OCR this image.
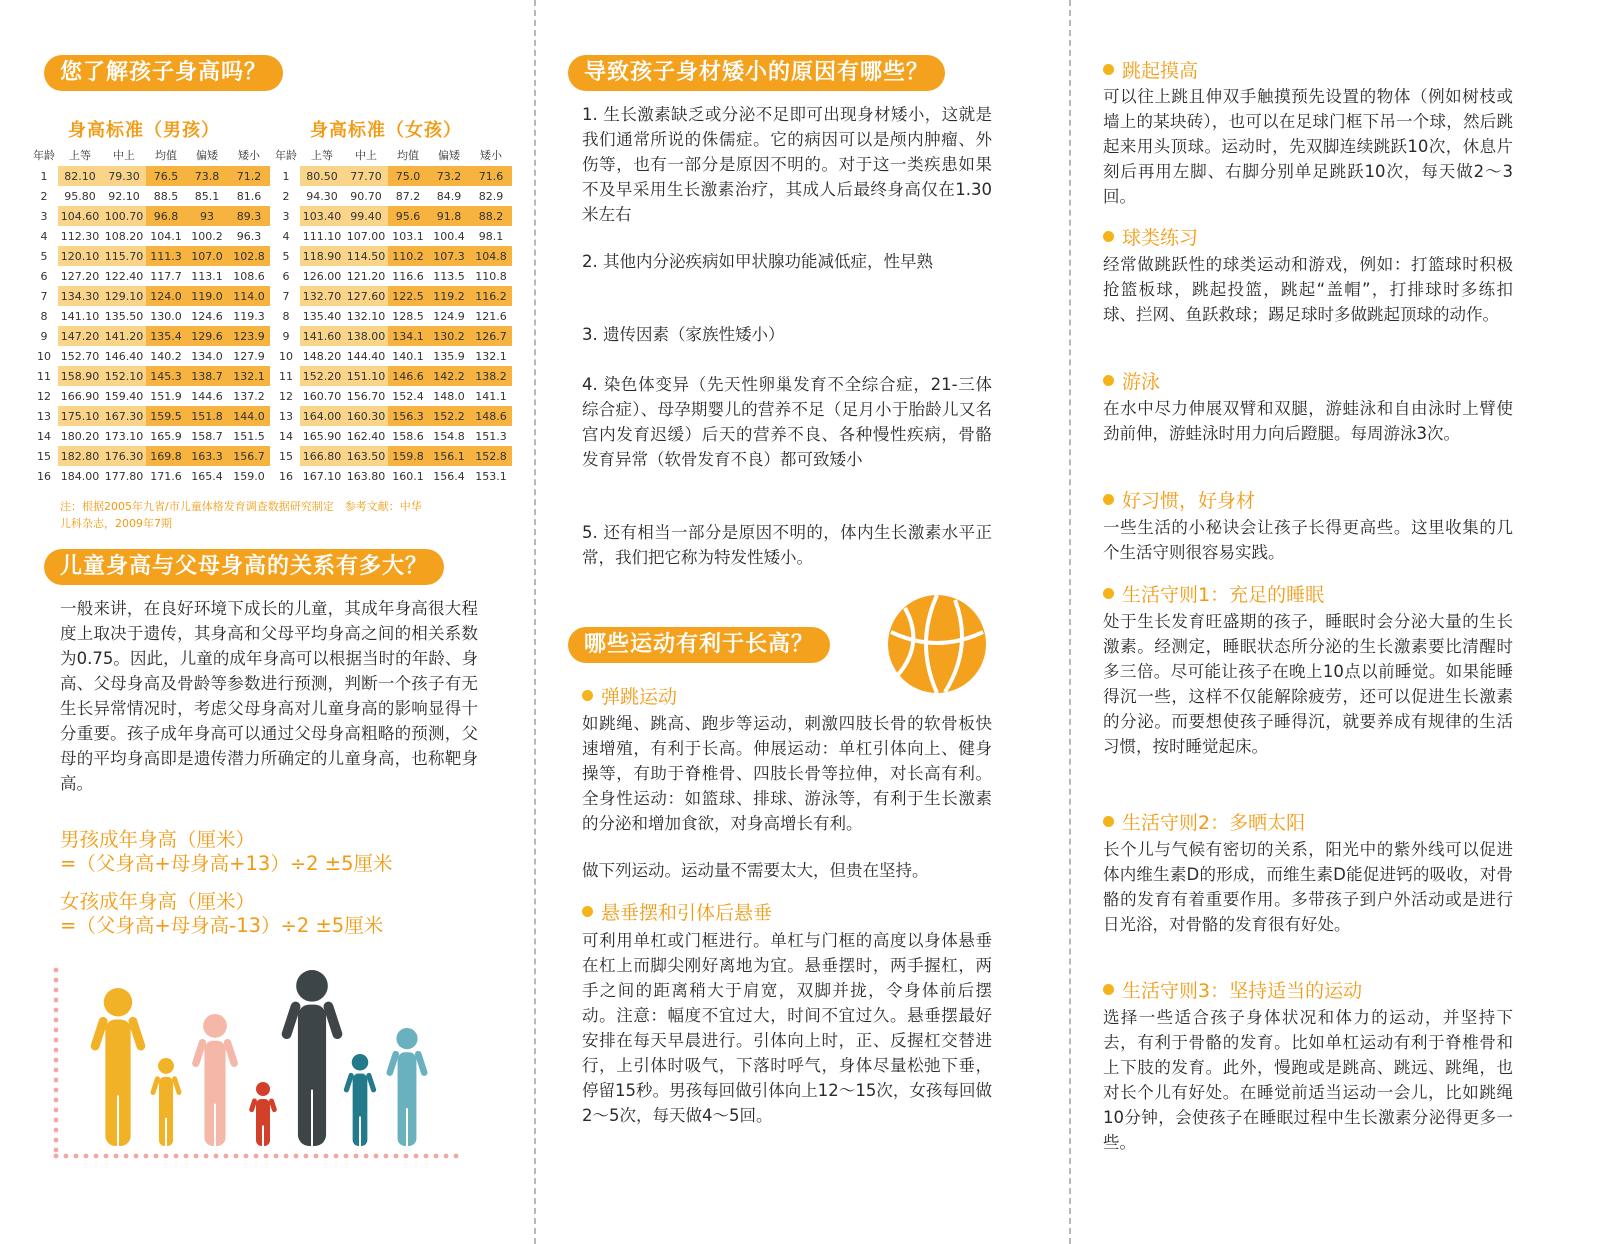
您了解孩子身高吗？
身高标准（男孩）	身高标准（女孩）
年龄	上等	中上	均值	偏矮	矮小
1	82.10	79.30	76.5	73.8	71.2
2	95.80	92.10	88.5	85.1	81.6
3	104.60	100.70	96.8	93	89.3
4	112.30	108.20	104.1	100.2	96.3
5	120.10	115.70	111.3	107.0	102.8
6	127.20	122.40	117.7	113.1	108.6
7	134.30	129.10	124.0	119.0	114.0
8	141.10	135.50	130.0	124.6	119.3
9	147.20	141.20	135.4	129.6	123.9
10	152.70	146.40	140.2	134.0	127.9
11	158.90	152.10	145.3	138.7	132.1
12	166.90	159.40	151.9	144.6	137.2
13	175.10	167.30	159.5	151.8	144.0
14	180.20	173.10	165.9	158.7	151.5
15	182.80	176.30	169.8	163.3	156.7
16	184.00	177.80	171.6	165.4	159.0
年龄	上等	中上	均值	偏矮	矮小
1	80.50	77.70	75.0	73.2	71.6
2	94.30	90.70	87.2	84.9	82.9
3	103.40	99.40	95.6	91.8	88.2
4	111.10	107.00	103.1	100.4	98.1
5	118.90	114.50	110.2	107.3	104.8
6	126.00	121.20	116.6	113.5	110.8
7	132.70	127.60	122.5	119.2	116.2
8	135.40	132.10	128.5	124.9	121.6
9	141.60	138.00	134.1	130.2	126.7
10	148.20	144.40	140.1	135.9	132.1
11	152.20	151.10	146.6	142.2	138.2
12	160.70	156.70	152.4	148.0	141.1
13	164.00	160.30	156.3	152.2	148.6
14	165.90	162.40	158.6	154.8	151.3
15	166.80	163.50	159.8	156.1	152.8
16	167.10	163.80	160.1	156.4	153.1
注：根据2005年九省/市儿童体格发育调查数据研究制定　参考文献：中华
儿科杂志，2009年7期
儿童身高与父母身高的关系有多大？
一般来讲，在良好环境下成长的儿童，其成年身高很大程度上取决于遗传，其身高和父母平均身高之间的相关系数为0.75。因此，儿童的成年身高可以根据当时的年龄、身高、父母身高及骨龄等参数进行预测，判断一个孩子有无生长异常情况时，考虑父母身高对儿童身高的影响显得十分重要。孩子成年身高可以通过父母身高粗略的预测，父母的平均身高即是遗传潜力所确定的儿童身高，也称靶身高。
男孩成年身高（厘米）
=（父身高+母身高+13）÷2 ±5厘米
女孩成年身高（厘米）
=（父身高+母身高-13）÷2 ±5厘米
导致孩子身材矮小的原因有哪些？
1. 生长激素缺乏或分泌不足即可出现身材矮小，这就是我们通常所说的侏儒症。它的病因可以是颅内肿瘤、外伤等，也有一部分是原因不明的。对于这一类疾患如果不及早采用生长激素治疗，其成人后最终身高仅在1.30米左右
2. 其他内分泌疾病如甲状腺功能减低症，性早熟
3. 遗传因素（家族性矮小）
4. 染色体变异（先天性卵巢发育不全综合症，21-三体综合症）、母孕期婴儿的营养不足（足月小于胎龄儿又名宫内发育迟缓）后天的营养不良、各种慢性疾病，骨骼发育异常（软骨发育不良）都可致矮小
5. 还有相当一部分是原因不明的，体内生长激素水平正常，我们把它称为特发性矮小。
哪些运动有利于长高？
弹跳运动
如跳绳、跳高、跑步等运动，刺激四肢长骨的软骨板快速增殖，有利于长高。伸展运动：单杠引体向上、健身操等，有助于脊椎骨、四肢长骨等拉伸，对长高有利。全身性运动：如篮球、排球、游泳等，有利于生长激素的分泌和增加食欲，对身高增长有利。
做下列运动。运动量不需要太大，但贵在坚持。
悬垂摆和引体后悬垂
可利用单杠或门框进行。单杠与门框的高度以身体悬垂在杠上而脚尖刚好离地为宜。悬垂摆时，两手握杠，两手之间的距离稍大于肩宽，双脚并拢，令身体前后摆动。注意：幅度不宜过大，时间不宜过久。悬垂摆最好安排在每天早晨进行。引体向上时，正、反握杠交替进行，上引体时吸气，下落时呼气，身体尽量松弛下垂，停留15秒。男孩每回做引体向上12～15次，女孩每回做2～5次，每天做4～5回。
跳起摸高
可以往上跳且伸双手触摸预先设置的物体（例如树枝或墙上的某块砖），也可以在足球门框下吊一个球，然后跳起来用头顶球。运动时，先双脚连续跳跃10次，休息片刻后再用左脚、右脚分别单足跳跃10次，每天做2～3回。
球类练习
经常做跳跃性的球类运动和游戏，例如：打篮球时积极抢篮板球，跳起投篮，跳起“盖帽”，打排球时多练扣球、拦网、鱼跃救球；踢足球时多做跳起顶球的动作。
游泳
在水中尽力伸展双臂和双腿，游蛙泳和自由泳时上臂使劲前伸，游蛙泳时用力向后蹬腿。每周游泳3次。
好习惯，好身材
一些生活的小秘诀会让孩子长得更高些。这里收集的几个生活守则很容易实践。
生活守则1：充足的睡眠
处于生长发育旺盛期的孩子，睡眠时会分泌大量的生长激素。经测定，睡眠状态所分泌的生长激素要比清醒时多三倍。尽可能让孩子在晚上10点以前睡觉。如果能睡得沉一些，这样不仅能解除疲劳，还可以促进生长激素的分泌。而要想使孩子睡得沉，就要养成有规律的生活习惯，按时睡觉起床。
生活守则2：多晒太阳
长个儿与气候有密切的关系，阳光中的紫外线可以促进体内维生素D的形成，而维生素D能促进钙的吸收，对骨骼的发育有着重要作用。多带孩子到户外活动或是进行日光浴，对骨骼的发育很有好处。
生活守则3：坚持适当的运动
选择一些适合孩子身体状况和体力的运动，并坚持下去，有利于骨骼的发育。比如单杠运动有利于脊椎骨和上下肢的发育。此外，慢跑或是跳高、跳远、跳绳，也对长个儿有好处。在睡觉前适当运动一会儿，比如跳绳10分钟，会使孩子在睡眠过程中生长激素分泌得更多一些。
